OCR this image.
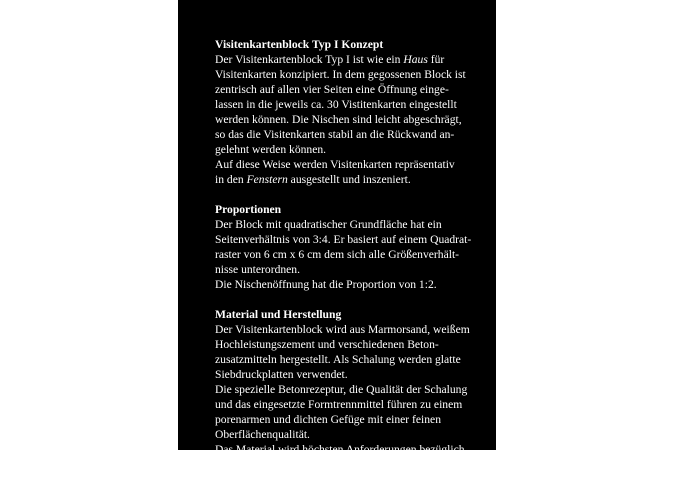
Visitenkartenblock Typ I Konzept
Der Visitenkartenblock Typ I ist wie ein Haus für
Visitenkarten konzipiert. In dem gegossenen Block ist
zentrisch auf allen vier Seiten eine Öffnung einge-
lassen in die jeweils ca. 30 Vistitenkarten eingestellt
werden können. Die Nischen sind leicht abgeschrägt,
so das die Visitenkarten stabil an die Rückwand an-
gelehnt werden können.
Auf diese Weise werden Visitenkarten repräsentativ
in den Fenstern ausgestellt und inszeniert.
Proportionen
Der Block mit quadratischer Grundfläche hat ein
Seitenverhältnis von 3:4. Er basiert auf einem Quadrat-
raster von 6 cm x 6 cm dem sich alle Größenverhält-
nisse unterordnen.
Die Nischenöffnung hat die Proportion von 1:2.
Material und Herstellung
Der Visitenkartenblock wird aus Marmorsand, weißem
Hochleistungszement und verschiedenen Beton-
zusatzmitteln hergestellt. Als Schalung werden glatte
Siebdruckplatten verwendet.
Die spezielle Betonrezeptur, die Qualität der Schalung
und das eingesetzte Formtrennmittel führen zu einem
porenarmen und dichten Gefüge mit einer feinen
Oberflächenqualität.
Das Material wird höchsten Anforderungen bezüglich
Dichtigkeit, Festigkeit und Dauerhaftigkeit gerecht.
